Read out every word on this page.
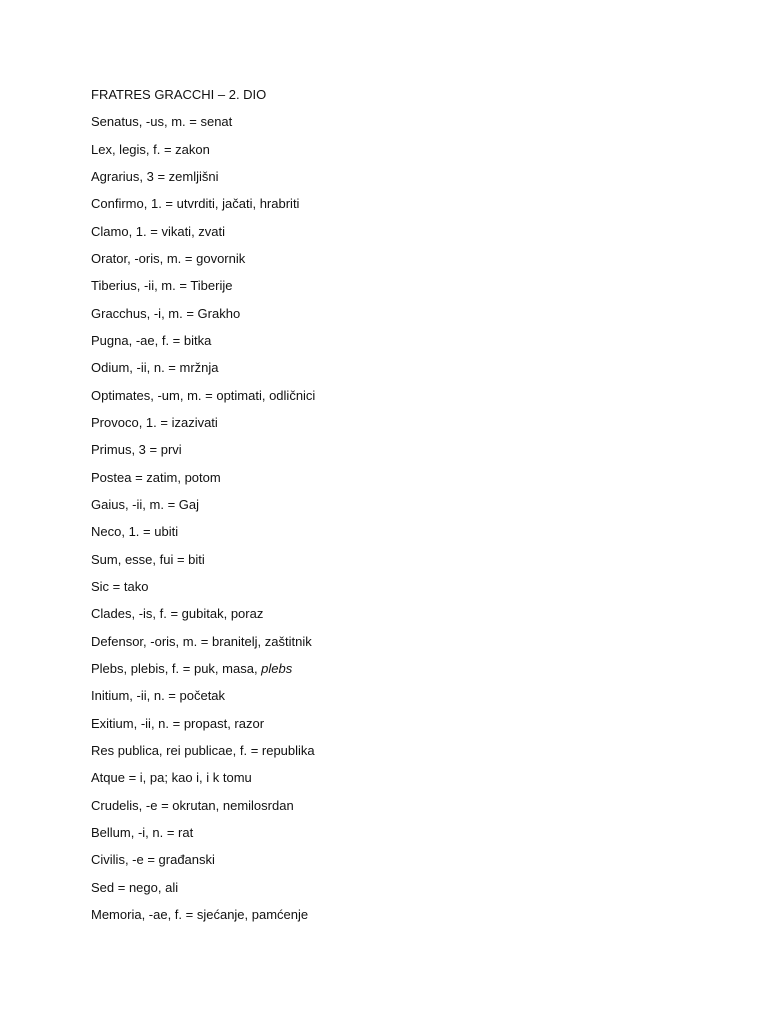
FRATRES GRACCHI – 2. DIO
Senatus, -us, m. = senat
Lex, legis, f. = zakon
Agrarius, 3 = zemljišni
Confirmo, 1. = utvrditi, jačati, hrabriti
Clamo, 1. = vikati, zvati
Orator, -oris, m. = govornik
Tiberius, -ii, m. = Tiberije
Gracchus, -i, m. = Grakho
Pugna, -ae, f. = bitka
Odium, -ii, n. = mržnja
Optimates, -um, m. = optimati, odličnici
Provoco, 1. = izazivati
Primus, 3 = prvi
Postea = zatim, potom
Gaius, -ii, m. = Gaj
Neco, 1. = ubiti
Sum, esse, fui = biti
Sic = tako
Clades, -is, f. = gubitak, poraz
Defensor, -oris, m. = branitelj, zaštitnik
Plebs, plebis, f. = puk, masa, plebs
Initium, -ii, n. = početak
Exitium, -ii, n. = propast, razor
Res publica, rei publicae, f. = republika
Atque = i, pa; kao i, i k tomu
Crudelis, -e = okrutan, nemilosrdan
Bellum, -i, n. = rat
Civilis, -e = građanski
Sed = nego, ali
Memoria, -ae, f. = sjećanje, pamćenje
